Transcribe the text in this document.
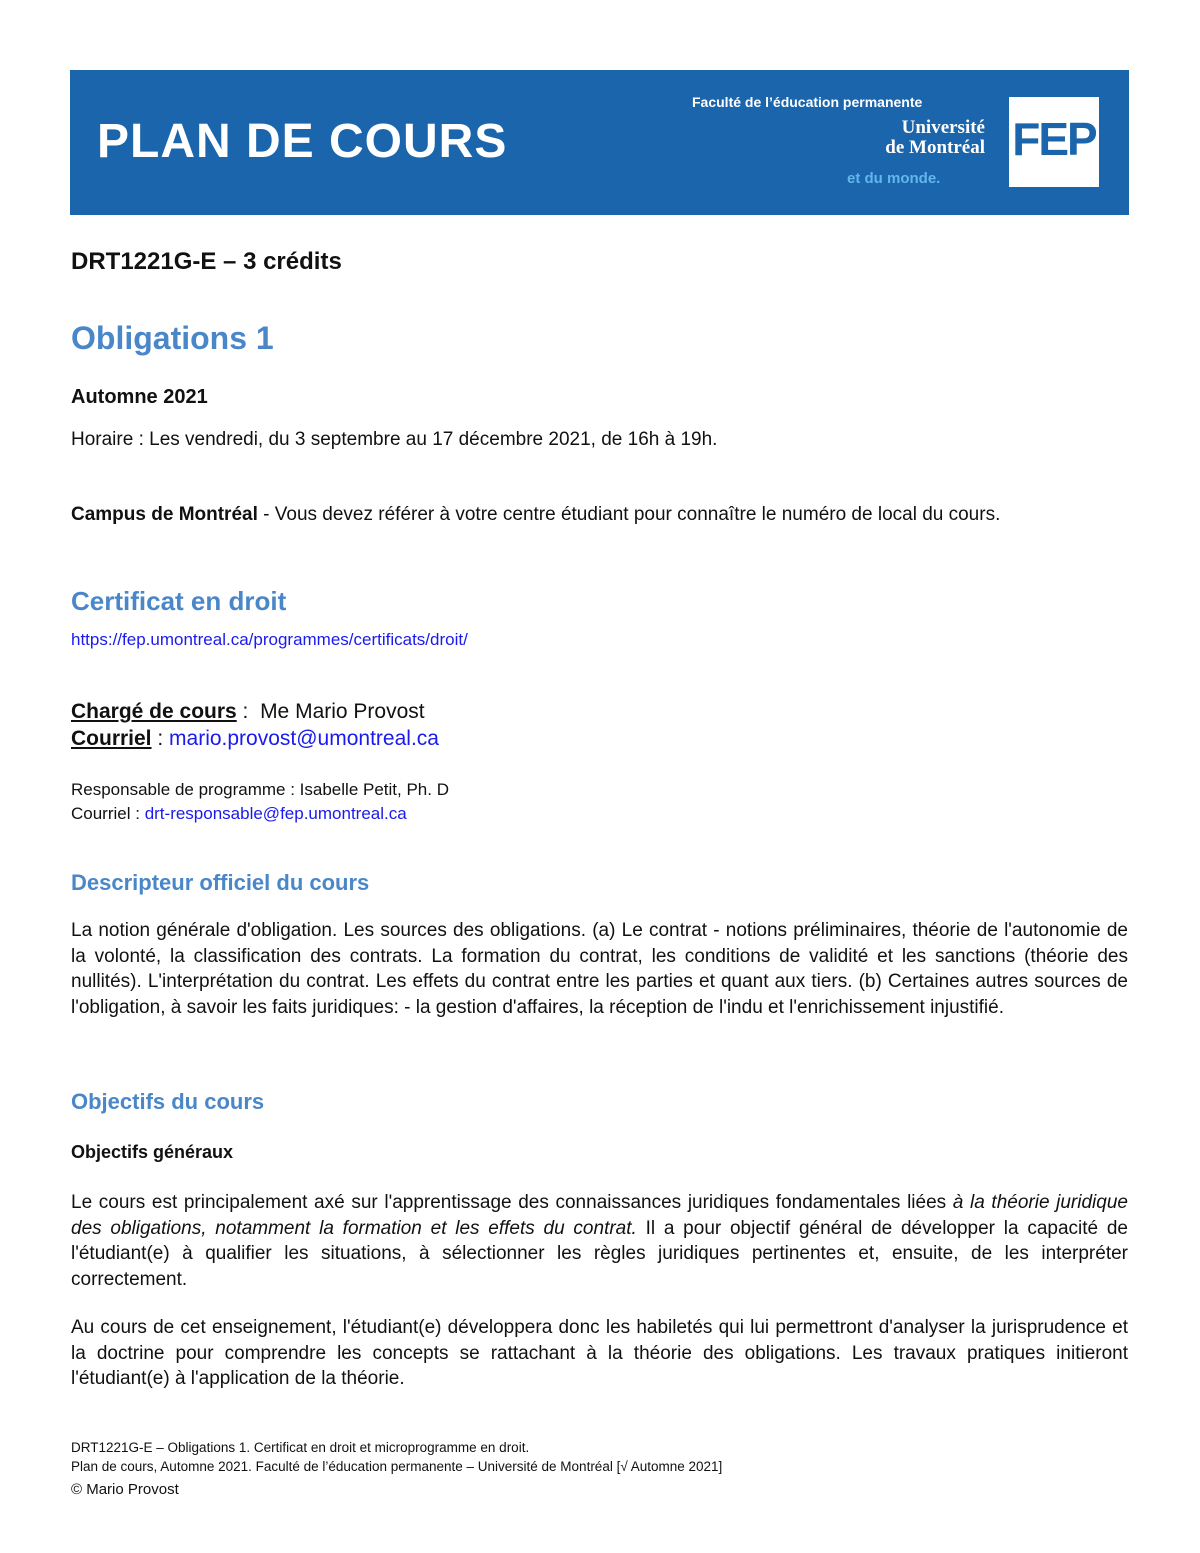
PLAN DE COURS
Faculté de l’éducation permanente
Université
de Montréal
et du monde.
FEP
DRT1221G-E – 3 crédits
Obligations 1
Automne 2021
Horaire : Les vendredi, du 3 septembre au 17 décembre 2021, de 16h à 19h.
Campus de Montréal - Vous devez référer à votre centre étudiant pour connaître le numéro de local du cours.
Certificat en droit
https://fep.umontreal.ca/programmes/certificats/droit/
Chargé de cours :  Me Mario Provost
Courriel : mario.provost@umontreal.ca
Responsable de programme : Isabelle Petit, Ph. D
Courriel : drt-responsable@fep.umontreal.ca
Descripteur officiel du cours
La notion générale d'obligation. Les sources des obligations. (a) Le contrat - notions préliminaires, théorie de l'autonomie de la volonté, la classification des contrats. La formation du contrat, les conditions de validité et les sanctions (théorie des nullités). L'interprétation du contrat. Les effets du contrat entre les parties et quant aux tiers. (b) Certaines autres sources de l'obligation, à savoir les faits juridiques: - la gestion d'affaires, la réception de l'indu et l'enrichissement injustifié.
Objectifs du cours
Objectifs généraux
Le cours est principalement axé sur l'apprentissage des connaissances juridiques fondamentales liées à la théorie juridique des obligations, notamment la formation et les effets du contrat. Il a pour objectif général de développer la capacité de l'étudiant(e) à qualifier les situations, à sélectionner les règles juridiques pertinentes et, ensuite, de les interpréter correctement.
Au cours de cet enseignement, l'étudiant(e) développera donc les habiletés qui lui permettront d'analyser la jurisprudence et la doctrine pour comprendre les concepts se rattachant à la théorie des obligations. Les travaux pratiques initieront l'étudiant(e) à l'application de la théorie.
DRT1221G-E – Obligations 1. Certificat en droit et microprogramme en droit.
Plan de cours, Automne 2021. Faculté de l’éducation permanente – Université de Montréal [√ Automne 2021]
© Mario Provost
